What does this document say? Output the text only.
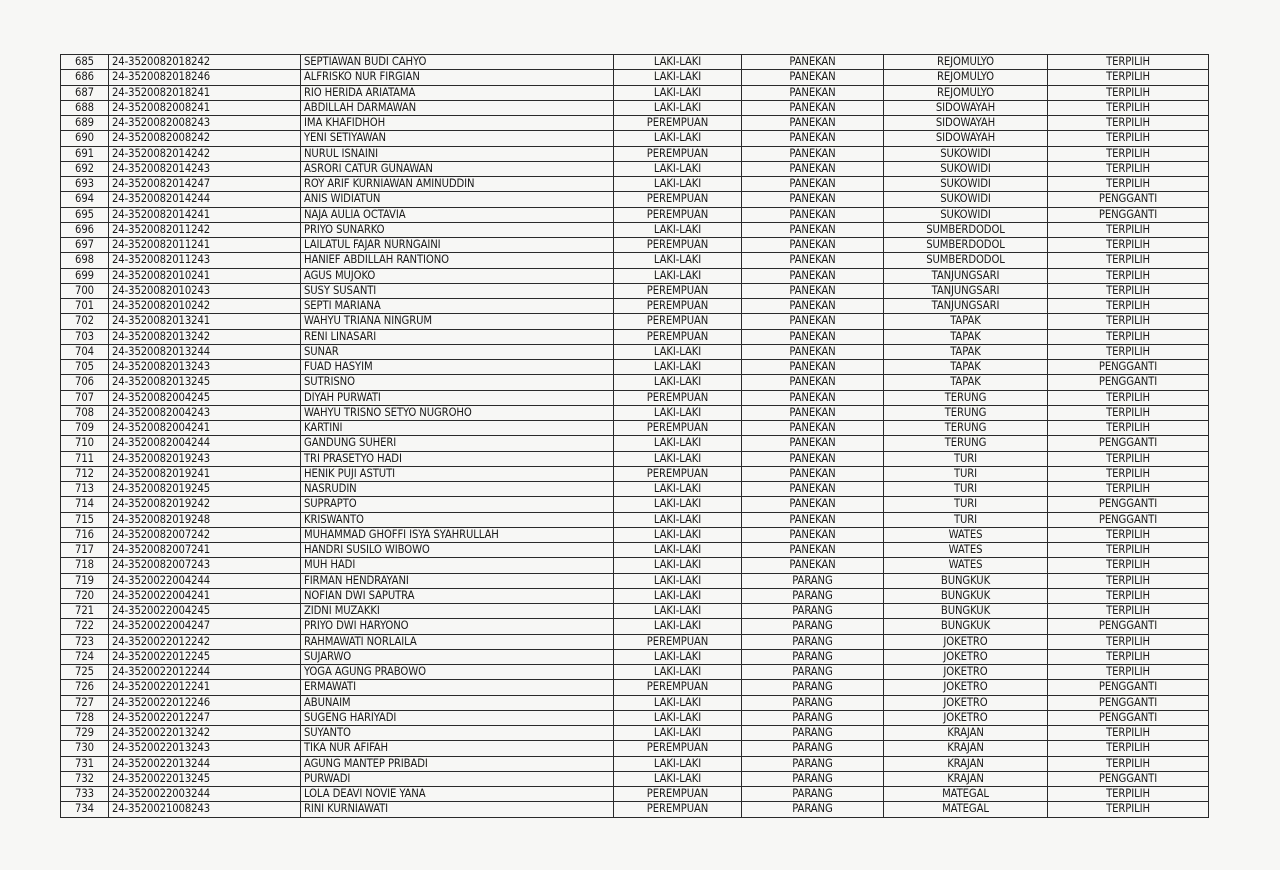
685	24-3520082018242	SEPTIAWAN BUDI CAHYO	LAKI-LAKI	PANEKAN	REJOMULYO	TERPILIH
686	24-3520082018246	ALFRISKO NUR FIRGIAN	LAKI-LAKI	PANEKAN	REJOMULYO	TERPILIH
687	24-3520082018241	RIO HERIDA ARIATAMA	LAKI-LAKI	PANEKAN	REJOMULYO	TERPILIH
688	24-3520082008241	ABDILLAH DARMAWAN	LAKI-LAKI	PANEKAN	SIDOWAYAH	TERPILIH
689	24-3520082008243	IMA KHAFIDHOH	PEREMPUAN	PANEKAN	SIDOWAYAH	TERPILIH
690	24-3520082008242	YENI SETIYAWAN	LAKI-LAKI	PANEKAN	SIDOWAYAH	TERPILIH
691	24-3520082014242	NURUL ISNAINI	PEREMPUAN	PANEKAN	SUKOWIDI	TERPILIH
692	24-3520082014243	ASRORI CATUR GUNAWAN	LAKI-LAKI	PANEKAN	SUKOWIDI	TERPILIH
693	24-3520082014247	ROY ARIF KURNIAWAN AMINUDDIN	LAKI-LAKI	PANEKAN	SUKOWIDI	TERPILIH
694	24-3520082014244	ANIS WIDIATUN	PEREMPUAN	PANEKAN	SUKOWIDI	PENGGANTI
695	24-3520082014241	NAJA AULIA OCTAVIA	PEREMPUAN	PANEKAN	SUKOWIDI	PENGGANTI
696	24-3520082011242	PRIYO SUNARKO	LAKI-LAKI	PANEKAN	SUMBERDODOL	TERPILIH
697	24-3520082011241	LAILATUL FAJAR NURNGAINI	PEREMPUAN	PANEKAN	SUMBERDODOL	TERPILIH
698	24-3520082011243	HANIEF ABDILLAH RANTIONO	LAKI-LAKI	PANEKAN	SUMBERDODOL	TERPILIH
699	24-3520082010241	AGUS MUJOKO	LAKI-LAKI	PANEKAN	TANJUNGSARI	TERPILIH
700	24-3520082010243	SUSY SUSANTI	PEREMPUAN	PANEKAN	TANJUNGSARI	TERPILIH
701	24-3520082010242	SEPTI MARIANA	PEREMPUAN	PANEKAN	TANJUNGSARI	TERPILIH
702	24-3520082013241	WAHYU TRIANA NINGRUM	PEREMPUAN	PANEKAN	TAPAK	TERPILIH
703	24-3520082013242	RENI LINASARI	PEREMPUAN	PANEKAN	TAPAK	TERPILIH
704	24-3520082013244	SUNAR	LAKI-LAKI	PANEKAN	TAPAK	TERPILIH
705	24-3520082013243	FUAD HASYIM	LAKI-LAKI	PANEKAN	TAPAK	PENGGANTI
706	24-3520082013245	SUTRISNO	LAKI-LAKI	PANEKAN	TAPAK	PENGGANTI
707	24-3520082004245	DIYAH PURWATI	PEREMPUAN	PANEKAN	TERUNG	TERPILIH
708	24-3520082004243	WAHYU TRISNO SETYO NUGROHO	LAKI-LAKI	PANEKAN	TERUNG	TERPILIH
709	24-3520082004241	KARTINI	PEREMPUAN	PANEKAN	TERUNG	TERPILIH
710	24-3520082004244	GANDUNG SUHERI	LAKI-LAKI	PANEKAN	TERUNG	PENGGANTI
711	24-3520082019243	TRI PRASETYO HADI	LAKI-LAKI	PANEKAN	TURI	TERPILIH
712	24-3520082019241	HENIK PUJI ASTUTI	PEREMPUAN	PANEKAN	TURI	TERPILIH
713	24-3520082019245	NASRUDIN	LAKI-LAKI	PANEKAN	TURI	TERPILIH
714	24-3520082019242	SUPRAPTO	LAKI-LAKI	PANEKAN	TURI	PENGGANTI
715	24-3520082019248	KRISWANTO	LAKI-LAKI	PANEKAN	TURI	PENGGANTI
716	24-3520082007242	MUHAMMAD GHOFFI ISYA SYAHRULLAH	LAKI-LAKI	PANEKAN	WATES	TERPILIH
717	24-3520082007241	HANDRI SUSILO WIBOWO	LAKI-LAKI	PANEKAN	WATES	TERPILIH
718	24-3520082007243	MUH HADI	LAKI-LAKI	PANEKAN	WATES	TERPILIH
719	24-3520022004244	FIRMAN HENDRAYANI	LAKI-LAKI	PARANG	BUNGKUK	TERPILIH
720	24-3520022004241	NOFIAN DWI SAPUTRA	LAKI-LAKI	PARANG	BUNGKUK	TERPILIH
721	24-3520022004245	ZIDNI MUZAKKI	LAKI-LAKI	PARANG	BUNGKUK	TERPILIH
722	24-3520022004247	PRIYO DWI HARYONO	LAKI-LAKI	PARANG	BUNGKUK	PENGGANTI
723	24-3520022012242	RAHMAWATI NORLAILA	PEREMPUAN	PARANG	JOKETRO	TERPILIH
724	24-3520022012245	SUJARWO	LAKI-LAKI	PARANG	JOKETRO	TERPILIH
725	24-3520022012244	YOGA AGUNG PRABOWO	LAKI-LAKI	PARANG	JOKETRO	TERPILIH
726	24-3520022012241	ERMAWATI	PEREMPUAN	PARANG	JOKETRO	PENGGANTI
727	24-3520022012246	ABUNAIM	LAKI-LAKI	PARANG	JOKETRO	PENGGANTI
728	24-3520022012247	SUGENG HARIYADI	LAKI-LAKI	PARANG	JOKETRO	PENGGANTI
729	24-3520022013242	SUYANTO	LAKI-LAKI	PARANG	KRAJAN	TERPILIH
730	24-3520022013243	TIKA NUR AFIFAH	PEREMPUAN	PARANG	KRAJAN	TERPILIH
731	24-3520022013244	AGUNG MANTEP PRIBADI	LAKI-LAKI	PARANG	KRAJAN	TERPILIH
732	24-3520022013245	PURWADI	LAKI-LAKI	PARANG	KRAJAN	PENGGANTI
733	24-3520022003244	LOLA DEAVI NOVIE YANA	PEREMPUAN	PARANG	MATEGAL	TERPILIH
734	24-3520021008243	RINI KURNIAWATI	PEREMPUAN	PARANG	MATEGAL	TERPILIH
